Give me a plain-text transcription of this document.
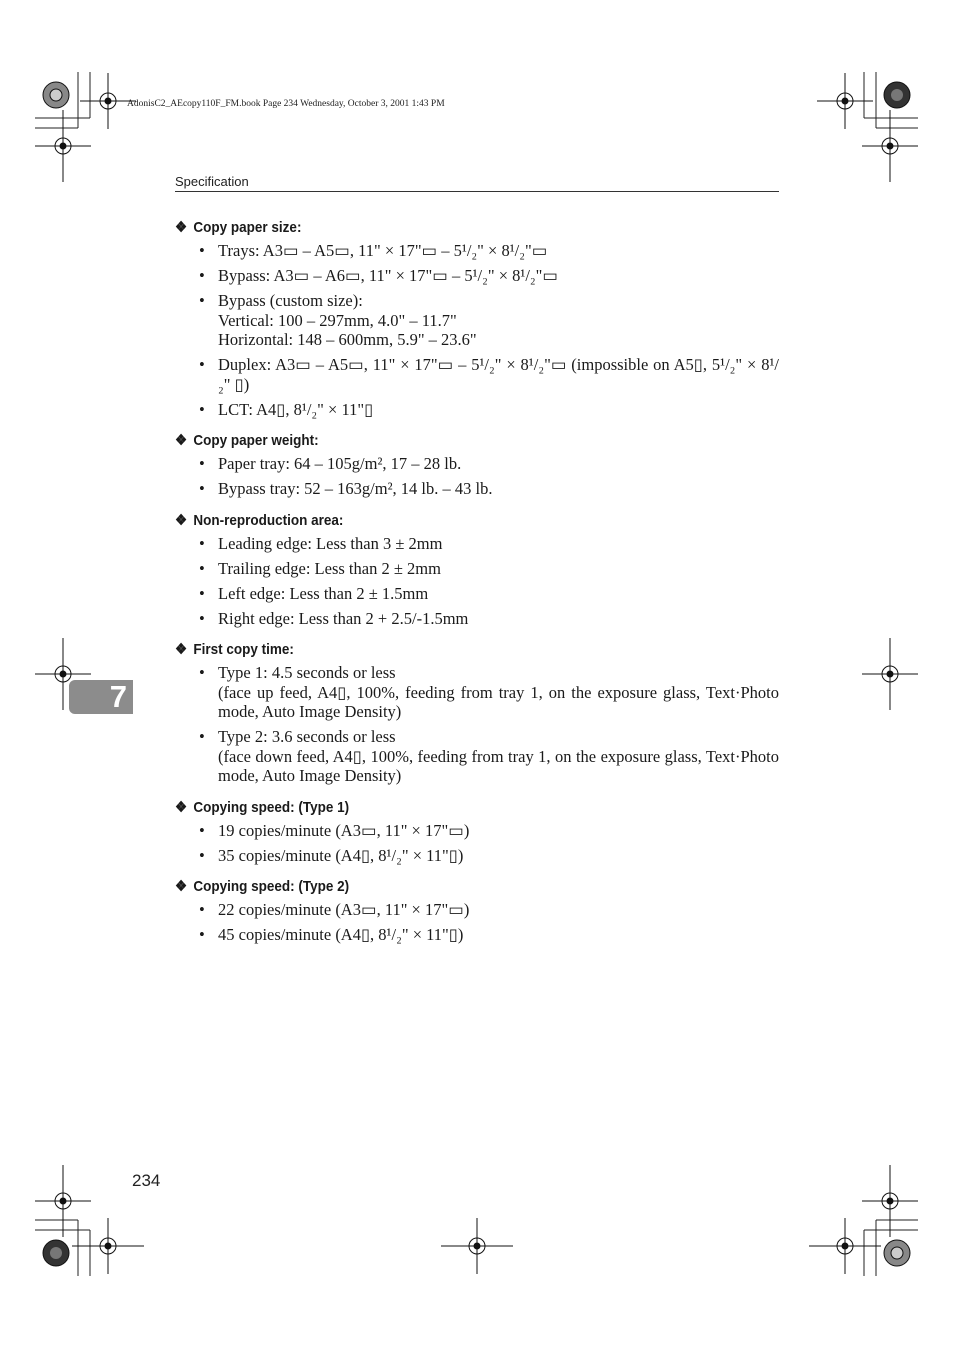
AdonisC2_AEcopy110F_FM.book Page 234 Wednesday, October 3, 2001 1:43 PM
Specification
❖ Copy paper size:
• Trays: A3▭ – A5▭, 11" × 17"▭ – 5¹/₂" × 8¹/₂"▭
• Bypass: A3▭ – A6▭, 11" × 17"▭ – 5¹/₂" × 8¹/₂"▭
• Bypass (custom size):
Vertical: 100 – 297mm, 4.0" – 11.7"
Horizontal: 148 – 600mm, 5.9" – 23.6"
• Duplex: A3▭ – A5▭, 11" × 17"▭ – 5¹/₂" × 8¹/₂"▭ (impossible on A5▯, 5¹/₂" × 8¹/₂" ▯)
• LCT: A4▯, 8¹/₂" × 11"▯
❖ Copy paper weight:
• Paper tray: 64 – 105g/m², 17 – 28 lb.
• Bypass tray: 52 – 163g/m², 14 lb. – 43 lb.
❖ Non-reproduction area:
• Leading edge: Less than 3 ± 2mm
• Trailing edge: Less than 2 ± 2mm
• Left edge: Less than 2 ± 1.5mm
• Right edge: Less than 2 + 2.5/-1.5mm
❖ First copy time:
• Type 1: 4.5 seconds or less
(face up feed, A4▯, 100%, feeding from tray 1, on the exposure glass, Text·Photo mode, Auto Image Density)
• Type 2: 3.6 seconds or less
(face down feed, A4▯, 100%, feeding from tray 1, on the exposure glass, Text·Photo mode, Auto Image Density)
❖ Copying speed: (Type 1)
• 19 copies/minute (A3▭, 11" × 17"▭)
• 35 copies/minute (A4▯, 8¹/₂" × 11"▯)
❖ Copying speed: (Type 2)
• 22 copies/minute (A3▭, 11" × 17"▭)
• 45 copies/minute (A4▯, 8¹/₂" × 11"▯)
7
234
